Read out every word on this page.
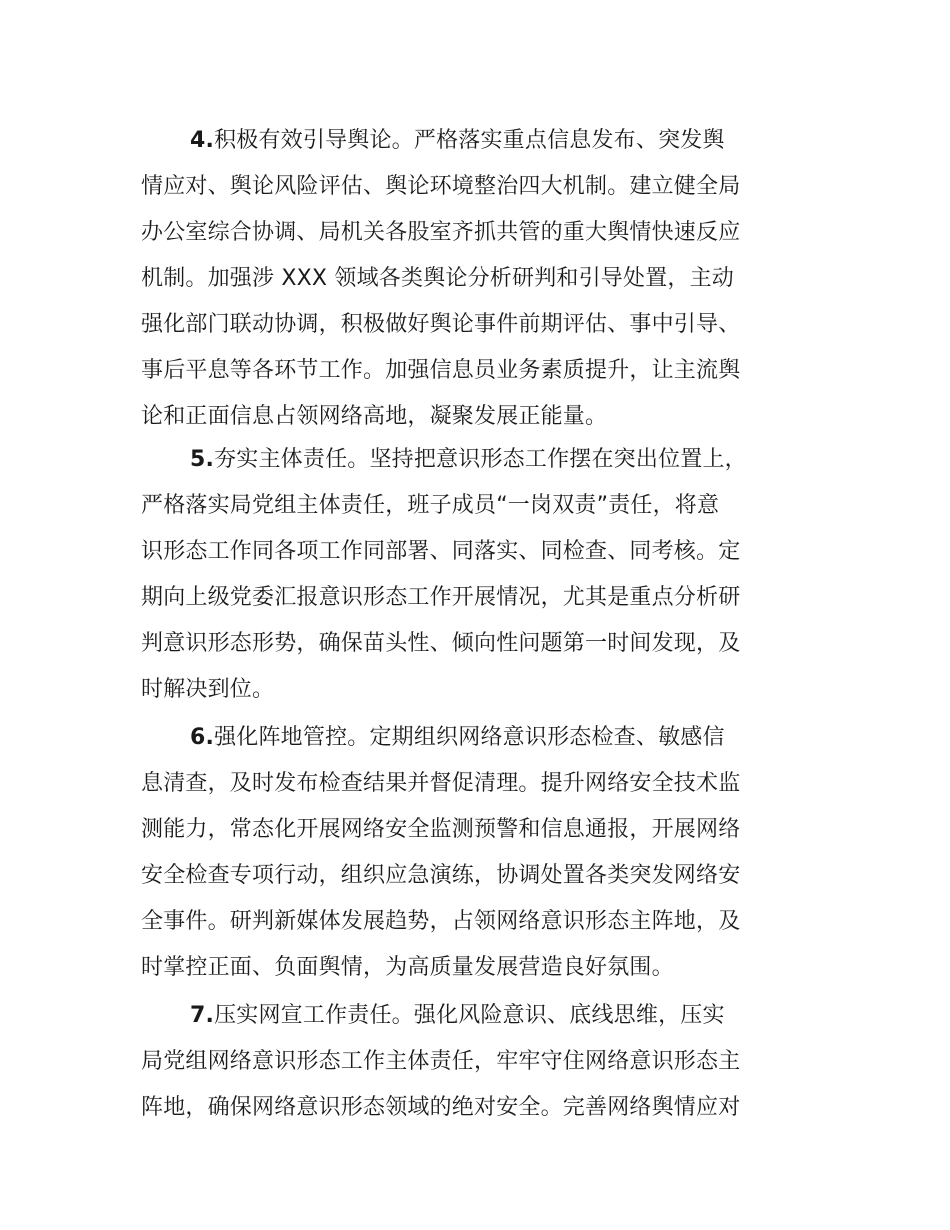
4.积极有效引导舆论。严格落实重点信息发布、突发舆
情应对、舆论风险评估、舆论环境整治四大机制。建立健全局
办公室综合协调、局机关各股室齐抓共管的重大舆情快速反应
机制。加强涉 XXX 领域各类舆论分析研判和引导处置，主动
强化部门联动协调，积极做好舆论事件前期评估、事中引导、
事后平息等各环节工作。加强信息员业务素质提升，让主流舆
论和正面信息占领网络高地，凝聚发展正能量。
5.夯实主体责任。坚持把意识形态工作摆在突出位置上，
严格落实局党组主体责任，班子成员“一岗双责”责任，将意
识形态工作同各项工作同部署、同落实、同检查、同考核。定
期向上级党委汇报意识形态工作开展情况，尤其是重点分析研
判意识形态形势，确保苗头性、倾向性问题第一时间发现，及
时解决到位。
6.强化阵地管控。定期组织网络意识形态检查、敏感信
息清查，及时发布检查结果并督促清理。提升网络安全技术监
测能力，常态化开展网络安全监测预警和信息通报，开展网络
安全检查专项行动，组织应急演练，协调处置各类突发网络安
全事件。研判新媒体发展趋势，占领网络意识形态主阵地，及
时掌控正面、负面舆情，为高质量发展营造良好氛围。
7.压实网宣工作责任。强化风险意识、底线思维，压实
局党组网络意识形态工作主体责任，牢牢守住网络意识形态主
阵地，确保网络意识形态领域的绝对安全。完善网络舆情应对
